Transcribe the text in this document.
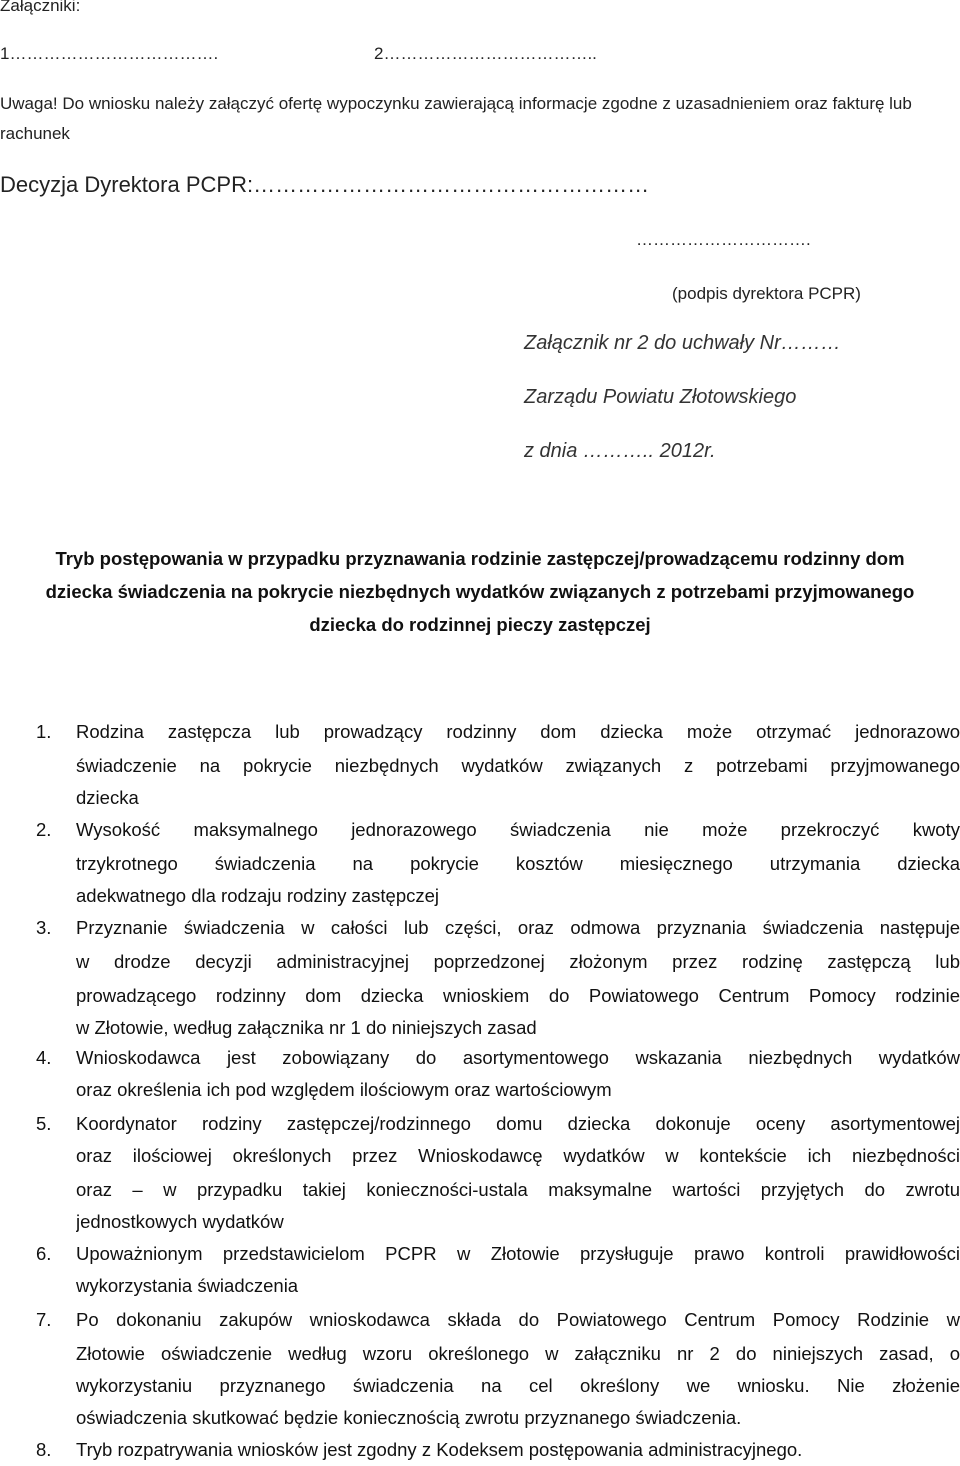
Załączniki:
1……………………………….	2………………………………..
Uwaga! Do wniosku należy załączyć ofertę wypoczynku zawierającą informacje zgodne z uzasadnieniem oraz fakturę lub
rachunek
Decyzja Dyrektora PCPR:………………………………………………
………………………….
(podpis dyrektora PCPR)
Załącznik nr 2 do uchwały Nr………
Zarządu Powiatu Złotowskiego
z dnia ……….. 2012r.
Tryb postępowania w przypadku przyznawania rodzinie zastępczej/prowadzącemu rodzinny dom
dziecka świadczenia na pokrycie niezbędnych wydatków związanych z potrzebami przyjmowanego
dziecka do rodzinnej pieczy zastępczej
1. Rodzina zastępcza lub prowadzący rodzinny dom dziecka może otrzymać jednorazowo
świadczenie na pokrycie niezbędnych wydatków związanych z potrzebami przyjmowanego
dziecka
2. Wysokość maksymalnego jednorazowego świadczenia nie może przekroczyć kwoty
trzykrotnego świadczenia na pokrycie kosztów miesięcznego utrzymania dziecka
adekwatnego dla rodzaju rodziny zastępczej
3. Przyznanie świadczenia w całości lub części, oraz odmowa przyznania świadczenia następuje
w drodze decyzji administracyjnej poprzedzonej złożonym przez rodzinę zastępczą lub
prowadzącego rodzinny dom dziecka wnioskiem do Powiatowego Centrum Pomocy rodzinie
w Złotowie, według załącznika nr 1 do niniejszych zasad
4. Wnioskodawca jest zobowiązany do asortymentowego wskazania niezbędnych wydatków
oraz określenia ich pod względem ilościowym oraz wartościowym
5. Koordynator rodziny zastępczej/rodzinnego domu dziecka dokonuje oceny asortymentowej
oraz ilościowej określonych przez Wnioskodawcę wydatków w kontekście ich niezbędności
oraz – w przypadku takiej konieczności-ustala maksymalne wartości przyjętych do zwrotu
jednostkowych wydatków
6. Upoważnionym przedstawicielom PCPR w Złotowie przysługuje prawo kontroli prawidłowości
wykorzystania świadczenia
7. Po dokonaniu zakupów wnioskodawca składa do Powiatowego Centrum Pomocy Rodzinie w
Złotowie oświadczenie według wzoru określonego w załączniku nr 2 do niniejszych zasad, o
wykorzystaniu przyznanego świadczenia na cel określony we wniosku. Nie złożenie
oświadczenia skutkować będzie koniecznością zwrotu przyznanego świadczenia.
8. Tryb rozpatrywania wniosków jest zgodny z Kodeksem postępowania administracyjnego.
